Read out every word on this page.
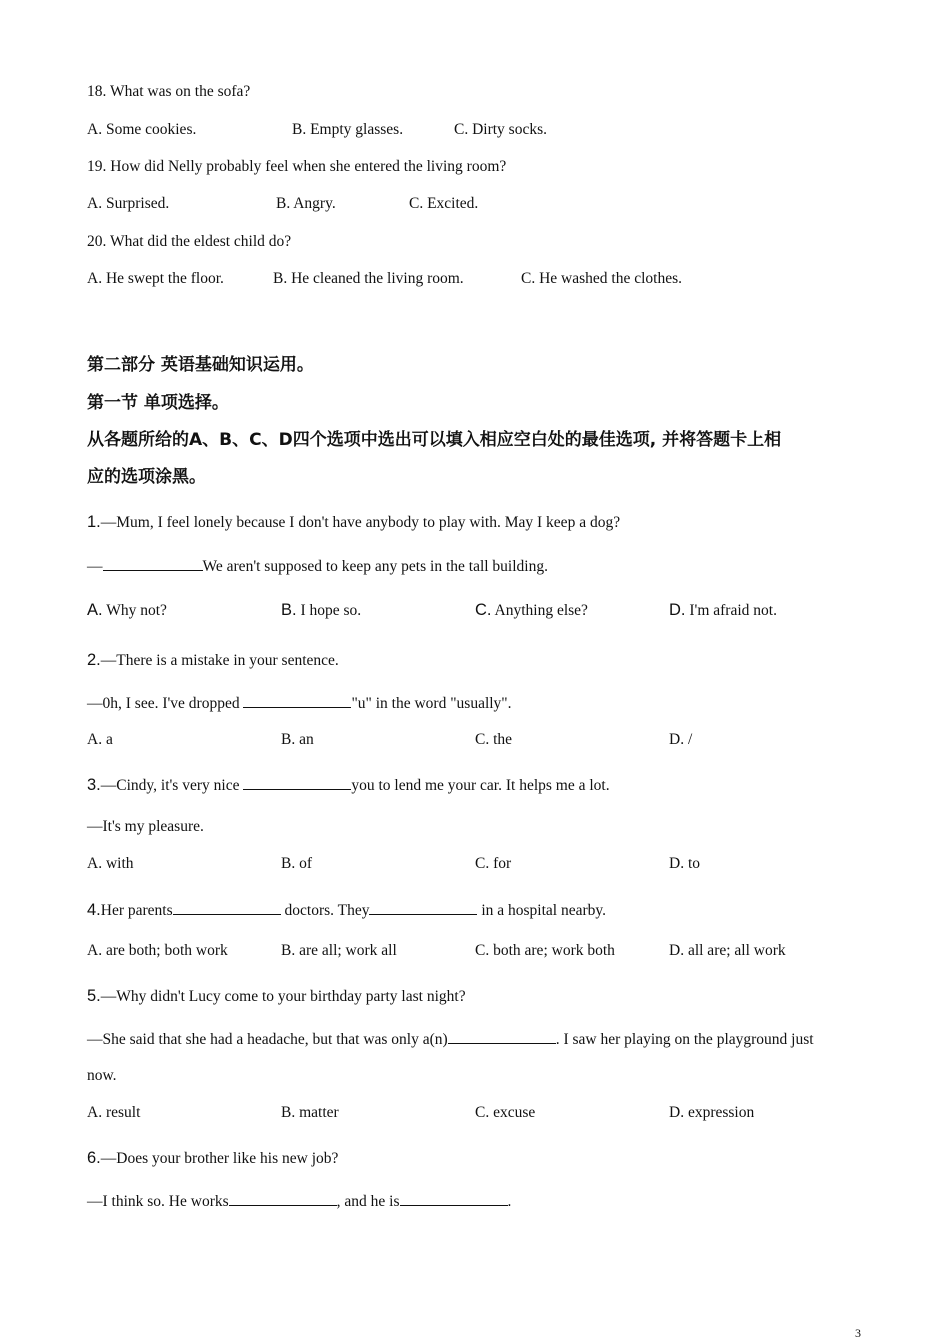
18. What was on the sofa?
A. Some cookies.	B. Empty glasses.	C. Dirty socks.
19. How did Nelly probably feel when she entered the living room?
A. Surprised.	B. Angry.	C. Excited.
20. What did the eldest child do?
A. He swept the floor.	B. He cleaned the living room.	C. He washed the clothes.
第二部分 英语基础知识运用。
第一节 单项选择。
从各题所给的A、B、C、D四个选项中选出可以填入相应空白处的最佳选项, 并将答题卡上相
应的选项涂黑。
1.—Mum, I feel lonely because I don't have anybody to play with. May I keep a dog?
—	We aren't supposed to keep any pets in the tall building.
A. Why not?	B. I hope so.	C. Anything else?	D. I'm afraid not.
2.—There is a mistake in your sentence.
—0h, I see. I've dropped	"u" in the word "usually".
A. a	B. an	C. the	D. /
3.—Cindy, it's very nice	you to lend me your car. It helps me a lot.
—It's my pleasure.
A. with	B. of	C. for	D. to
4.Her parents	doctors. They	in a hospital nearby.
A. are both; both work	B. are all; work all	C. both are; work both	D. all are; all work
5.—Why didn't Lucy come to your birthday party last night?
—She said that she had a headache, but that was only a(n)	. I saw her playing on the playground just
now.
A. result	B. matter	C. excuse	D. expression
6.—Does your brother like his new job?
—I think so. He works	, and he is	.
3
